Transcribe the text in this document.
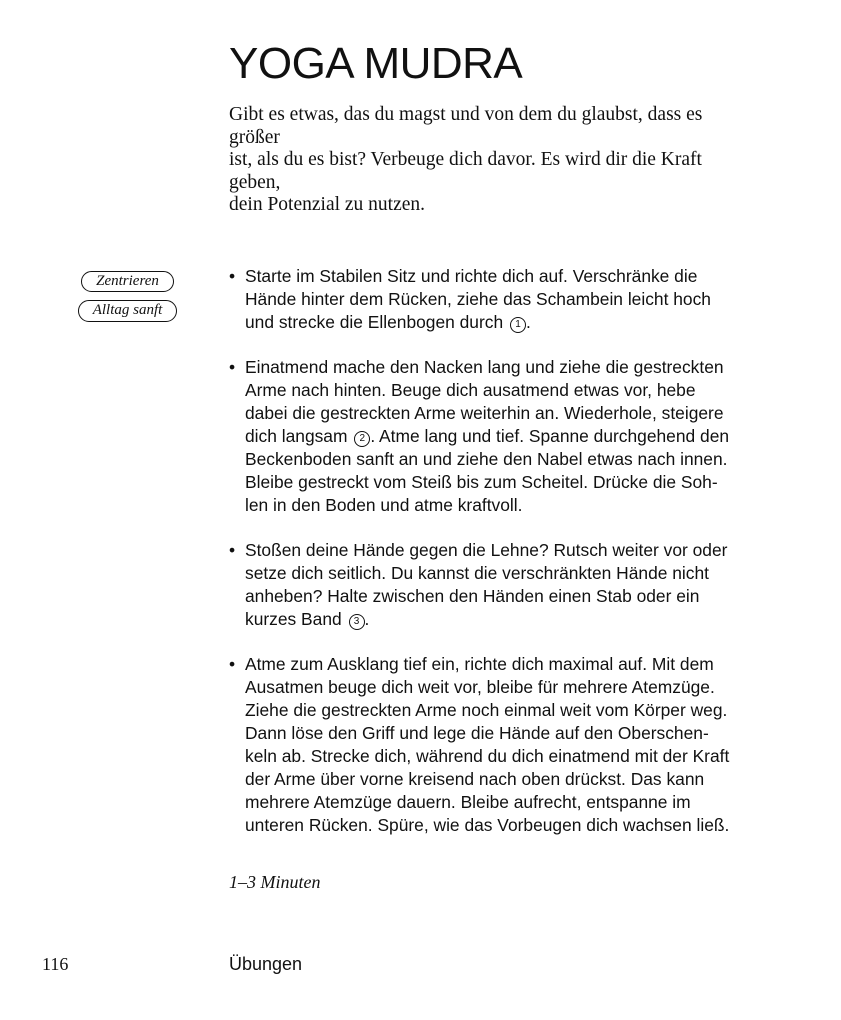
YOGA MUDRA

Gibt es etwas, das du magst und von dem du glaubst, dass es größer
ist, als du es bist? Verbeuge dich davor. Es wird dir die Kraft geben,
dein Potenzial zu nutzen.

Zentrieren
Alltag sanft
• Starte im Stabilen Sitz und richte dich auf. Verschränke die
Hände hinter dem Rücken, ziehe das Schambein leicht hoch
und strecke die Ellenbogen durch 1 .
• Einatmend mache den Nacken lang und ziehe die gestreckten
Arme nach hinten. Beuge dich ausatmend etwas vor, hebe
dabei die gestreckten Arme weiterhin an. Wiederhole, steigere
dich langsam 2 . Atme lang und tief. Spanne durchgehend den
Beckenboden sanft an und ziehe den Nabel etwas nach innen.
Bleibe gestreckt vom Steiß bis zum Scheitel. Drücke die Soh-
len in den Boden und atme kraftvoll.
• Stoßen deine Hände gegen die Lehne? Rutsch weiter vor oder
setze dich seitlich. Du kannst die verschränkten Hände nicht
anheben? Halte zwischen den Händen einen Stab oder ein
kurzes Band 3 .
• Atme zum Ausklang tief ein, richte dich maximal auf. Mit dem
Ausatmen beuge dich weit vor, bleibe für mehrere Atemzüge.
Ziehe die gestreckten Arme noch einmal weit vom Körper weg.
Dann löse den Griff und lege die Hände auf den Oberschen-
keln ab. Strecke dich, während du dich einatmend mit der Kraft
der Arme über vorne kreisend nach oben drückst. Das kann
mehrere Atemzüge dauern. Bleibe aufrecht, entspanne im
unteren Rücken. Spüre, wie das Vorbeugen dich wachsen ließ.

1–3 Minuten

116	Übungen
